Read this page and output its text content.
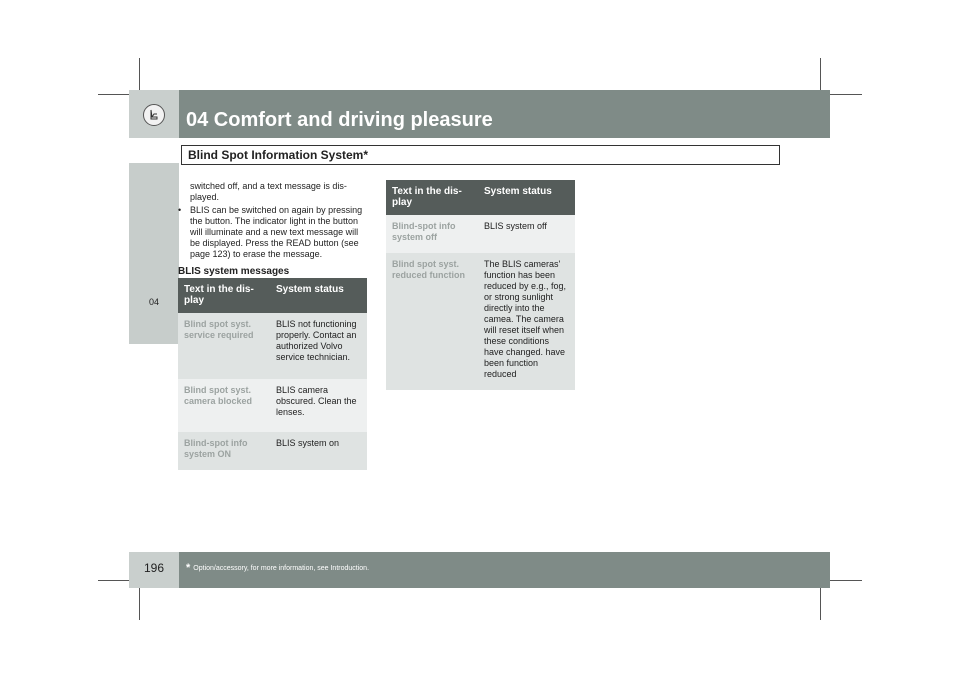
04 Comfort and driving pleasure
Blind Spot Information System*
04

switched off, and a text message is dis-played.

• BLIS can be switched on again by pressing the button. The indicator light in the button will illuminate and a new text message will be displayed. Press the READ button (see page 123) to erase the message.
BLIS system messages
Text in the dis-play	System status
Blind spot syst. service required	BLIS not functioning properly. Contact an authorized Volvo service technician.
Blind spot syst. camera blocked	BLIS camera obscured. Clean the lenses.
Blind-spot info system ON	BLIS system on
Text in the dis-play	System status
Blind-spot info system off	BLIS system off
Blind spot syst. reduced function	The BLIS cameras' function has been reduced by e.g., fog, or strong sunlight directly into the camea. The camera will reset itself when these conditions have changed. have been function reduced
196	* Option/accessory, for more information, see Introduction.
